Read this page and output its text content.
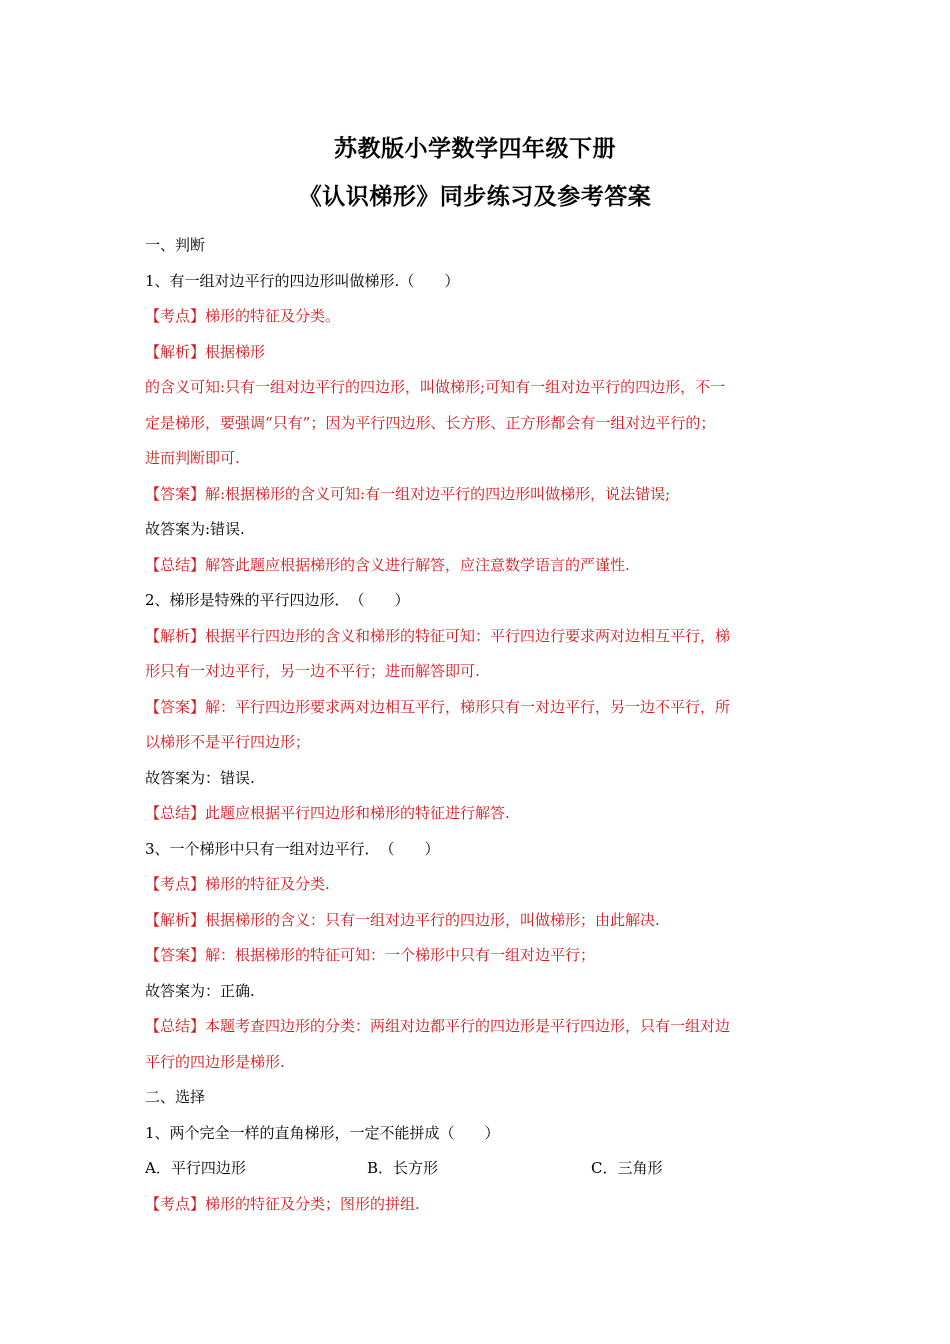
苏教版小学数学四年级下册
《认识梯形》同步练习及参考答案
一、判断
1、有一组对边平行的四边形叫做梯形.（　　）
【考点】梯形的特征及分类。
【解析】根据梯形
的含义可知:只有一组对边平行的四边形，叫做梯形;可知有一组对边平行的四边形，不一
定是梯形，要强调“只有”；因为平行四边形、长方形、正方形都会有一组对边平行的；
进而判断即可.
【答案】解:根据梯形的含义可知:有一组对边平行的四边形叫做梯形，说法错误;
故答案为:错误.
【总结】解答此题应根据梯形的含义进行解答，应注意数学语言的严谨性.
2、梯形是特殊的平行四边形．　（　　）
【解析】根据平行四边形的含义和梯形的特征可知：平行四边行要求两对边相互平行，梯
形只有一对边平行，另一边不平行；进而解答即可.
【答案】解：平行四边形要求两对边相互平行，梯形只有一对边平行，另一边不平行，所
以梯形不是平行四边形；
故答案为：错误.
【总结】此题应根据平行四边形和梯形的特征进行解答.
3、一个梯形中只有一组对边平行．　（　　）
【考点】梯形的特征及分类.
【解析】根据梯形的含义：只有一组对边平行的四边形，叫做梯形；由此解决.
【答案】解：根据梯形的特征可知：一个梯形中只有一组对边平行；
故答案为：正确.
【总结】本题考查四边形的分类：两组对边都平行的四边形是平行四边形，只有一组对边
平行的四边形是梯形.
二、选择
1、两个完全一样的直角梯形，一定不能拼成（　　）
A．平行四边形	B．长方形	C．三角形
【考点】梯形的特征及分类；图形的拼组.
